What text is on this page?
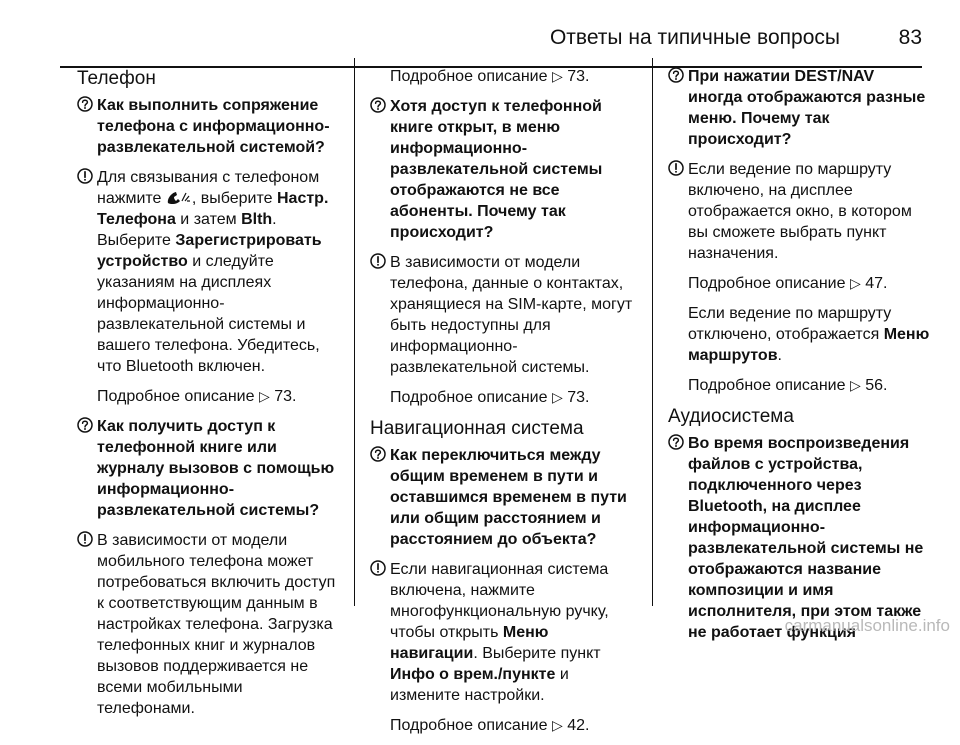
Ответы на типичные вопросы	83
Телефон
Как выполнить сопряжение телефона с информационно-развлекательной системой?
Для связывания с телефоном нажмите , выберите Настр. Телефона и затем Blth. Выберите Зарегистрировать устройство и следуйте указаниям на дисплеях информационно-развлекательной системы и вашего телефона. Убедитесь, что Bluetooth включен.
Подробное описание ▷ 73.
Как получить доступ к телефонной книге или журналу вызовов с помощью информационно-развлекательной системы?
В зависимости от модели мобильного телефона может потребоваться включить доступ к соответствующим данным в настройках телефона. Загрузка телефонных книг и журналов вызовов поддерживается не всеми мобильными телефонами.
Подробное описание ▷ 73.
Хотя доступ к телефонной книге открыт, в меню информационно-развлекательной системы отображаются не все абоненты. Почему так происходит?
В зависимости от модели телефона, данные о контактах, хранящиеся на SIM-карте, могут быть недоступны для информационно-развлекательной системы.
Подробное описание ▷ 73.
Навигационная система
Как переключиться между общим временем в пути и оставшимся временем в пути или общим расстоянием и расстоянием до объекта?
Если навигационная система включена, нажмите многофункциональную ручку, чтобы открыть Меню навигации. Выберите пункт Инфо о врем./пункте и измените настройки.
Подробное описание ▷ 42.
При нажатии DEST/NAV иногда отображаются разные меню. Почему так происходит?
Если ведение по маршруту включено, на дисплее отображается окно, в котором вы сможете выбрать пункт назначения.
Подробное описание ▷ 47.
Если ведение по маршруту отключено, отображается Меню маршрутов.
Подробное описание ▷ 56.
Аудиосистема
Во время воспроизведения файлов с устройства, подключенного через Bluetooth, на дисплее информационно-развлекательной системы не отображаются название композиции и имя исполнителя, при этом также не работает функция
carmanualsonline.info
